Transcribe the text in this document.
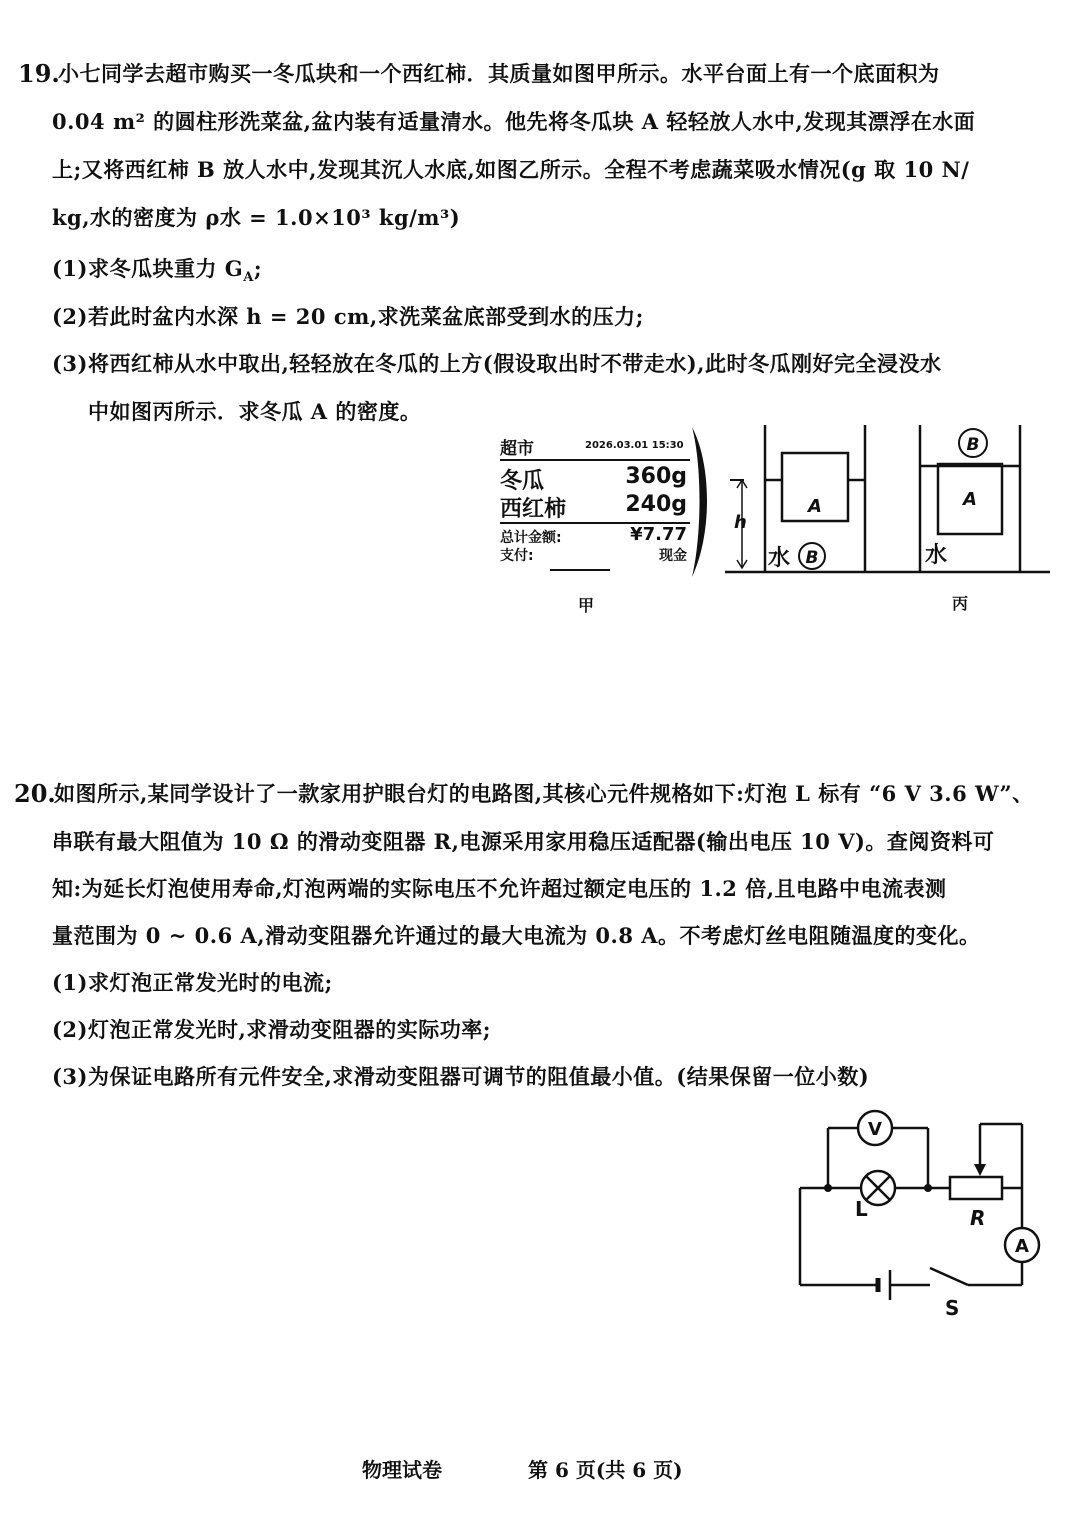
19.
小七同学去超市购买一冬瓜块和一个西红柿．其质量如图甲所示。水平台面上有一个底面积为
0.04 m² 的圆柱形洗菜盆,盆内装有适量清水。他先将冬瓜块 A 轻轻放人水中,发现其漂浮在水面
上;又将西红柿 B 放人水中,发现其沉人水底,如图乙所示。全程不考虑蔬菜吸水情况(g 取 10 N/
kg,水的密度为 ρ水 = 1.0×10³ kg/m³)
(1)求冬瓜块重力 $G_A$;
(2)若此时盆内水深 h = 20 cm,求洗菜盆底部受到水的压力;
(3)将西红柿从水中取出,轻轻放在冬瓜的上方(假设取出时不带走水),此时冬瓜刚好完全浸没水
中如图丙所示．求冬瓜 A 的密度。
超市	2026.03.01 15:30
冬瓜	360g
西红柿	240g
总计金额:	¥7.77
支付:	现金
甲
A
h
水 B
A
B
水
丙
20.
如图所示,某同学设计了一款家用护眼台灯的电路图,其核心元件规格如下:灯泡 L 标有 “6 V 3.6 W”、
串联有最大阻值为 10 Ω 的滑动变阻器 R,电源采用家用稳压适配器(输出电压 10 V)。查阅资料可
知:为延长灯泡使用寿命,灯泡两端的实际电压不允许超过额定电压的 1.2 倍,且电路中电流表测
量范围为 0 ~ 0.6 A,滑动变阻器允许通过的最大电流为 0.8 A。不考虑灯丝电阻随温度的变化。
(1)求灯泡正常发光时的电流;
(2)灯泡正常发光时,求滑动变阻器的实际功率;
(3)为保证电路所有元件安全,求滑动变阻器可调节的阻值最小值。(结果保留一位小数)
V
L	R
A
S
物理试卷	第 6 页(共 6 页)
